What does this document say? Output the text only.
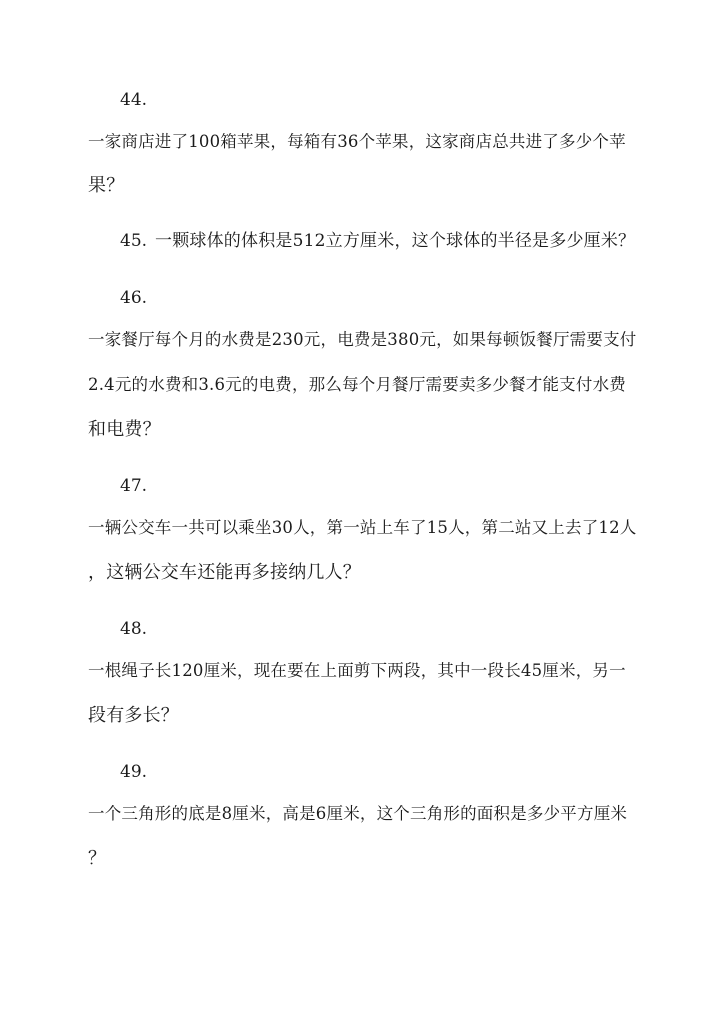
44.
一家商店进了100箱苹果，每箱有36个苹果，这家商店总共进了多少个苹
果？
45. 一颗球体的体积是512立方厘米，这个球体的半径是多少厘米？
46.
一家餐厅每个月的水费是230元，电费是380元，如果每顿饭餐厅需要支付
2.4元的水费和3.6元的电费，那么每个月餐厅需要卖多少餐才能支付水费
和电费？
47.
一辆公交车一共可以乘坐30人，第一站上车了15人，第二站又上去了12人
，这辆公交车还能再多接纳几人？
48.
一根绳子长120厘米，现在要在上面剪下两段，其中一段长45厘米，另一
段有多长？
49.
一个三角形的底是8厘米，高是6厘米，这个三角形的面积是多少平方厘米
？
